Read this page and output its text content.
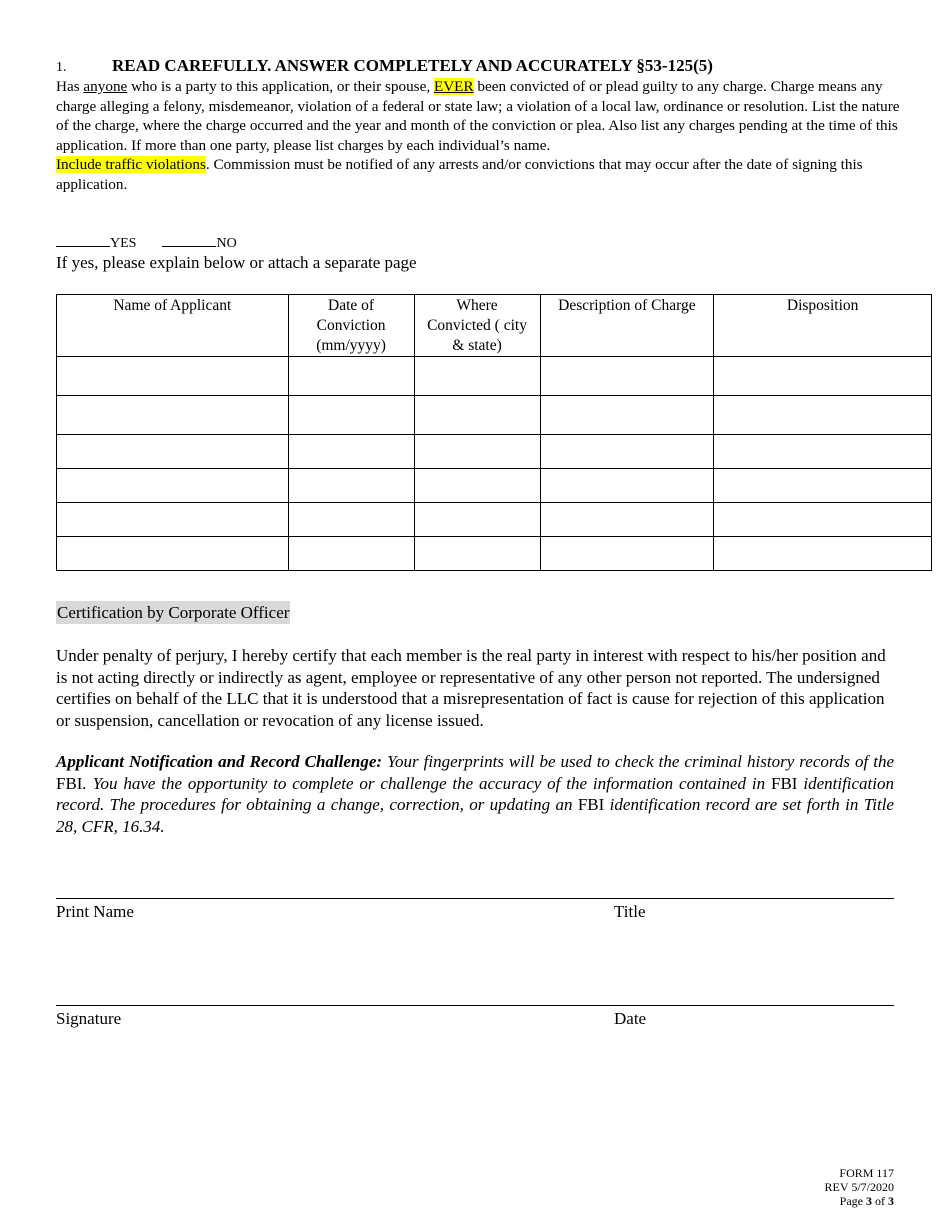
1.	READ CAREFULLY. ANSWER COMPLETELY AND ACCURATELY §53-125(5)

Has anyone who is a party to this application, or their spouse, EVER been convicted of or plead guilty to any charge. Charge means any charge alleging a felony, misdemeanor, violation of a federal or state law; a violation of a local law, ordinance or resolution. List the nature of the charge, where the charge occurred and the year and month of the conviction or plea. Also list any charges pending at the time of this application. If more than one party, please list charges by each individual’s name.

Include traffic violations. Commission must be notified of any arrests and/or convictions that may occur after the date of signing this application.

YES	NO
If yes, please explain below or attach a separate page
Name of Applicant	Date of Conviction (mm/yyyy)	Where Convicted ( city & state)	Description of Charge	Disposition

Certification by Corporate Officer

Under penalty of perjury, I hereby certify that each member is the real party in interest with respect to his/her position and is not acting directly or indirectly as agent, employee or representative of any other person not reported. The undersigned certifies on behalf of the LLC that it is understood that a misrepresentation of fact is cause for rejection of this application or suspension, cancellation or revocation of any license issued.

Applicant Notification and Record Challenge: Your fingerprints will be used to check the criminal history records of the FBI. You have the opportunity to complete or challenge the accuracy of the information contained in FBI identification record. The procedures for obtaining a change, correction, or updating an FBI identification record are set forth in Title 28, CFR, 16.34.

Print Name	Title
Signature	Date
FORM 117
REV 5/7/2020
Page 3 of 3
